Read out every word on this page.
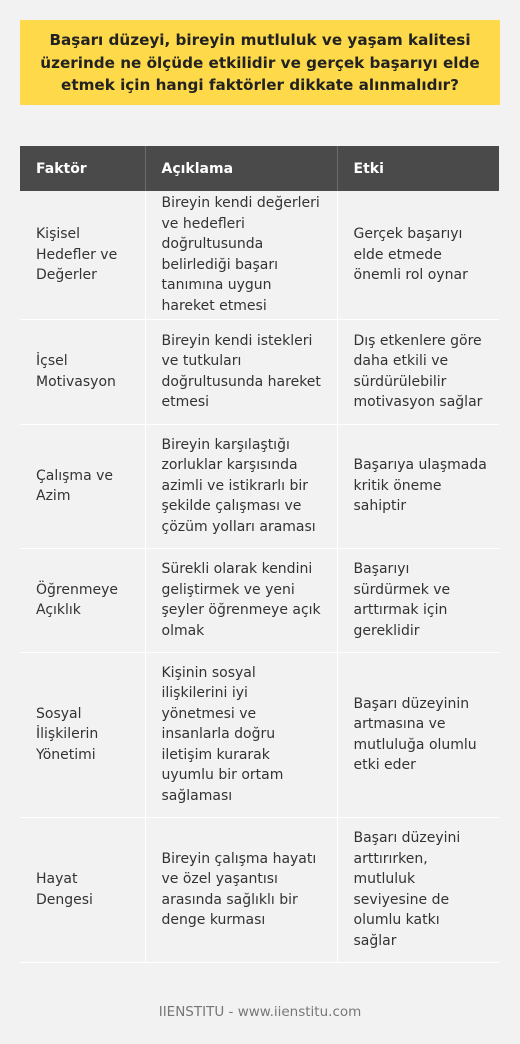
Başarı düzeyi, bireyin mutluluk ve yaşam kalitesi üzerinde ne ölçüde etkilidir ve gerçek başarıyı elde etmek için hangi faktörler dikkate alınmalıdır?
Faktör	Açıklama	Etki
Kişisel Hedefler ve Değerler	Bireyin kendi değerleri ve hedefleri doğrultusunda belirlediği başarı tanımına uygun hareket etmesi	Gerçek başarıyı elde etmede önemli rol oynar
İçsel Motivasyon	Bireyin kendi istekleri ve tutkuları doğrultusunda hareket etmesi	Dış etkenlere göre daha etkili ve sürdürülebilir motivasyon sağlar
Çalışma ve Azim	Bireyin karşılaştığı zorluklar karşısında azimli ve istikrarlı bir şekilde çalışması ve çözüm yolları araması	Başarıya ulaşmada kritik öneme sahiptir
Öğrenmeye Açıklık	Sürekli olarak kendini geliştirmek ve yeni şeyler öğrenmeye açık olmak	Başarıyı sürdürmek ve arttırmak için gereklidir
Sosyal İlişkilerin Yönetimi	Kişinin sosyal ilişkilerini iyi yönetmesi ve insanlarla doğru iletişim kurarak uyumlu bir ortam sağlaması	Başarı düzeyinin artmasına ve mutluluğa olumlu etki eder
Hayat Dengesi	Bireyin çalışma hayatı ve özel yaşantısı arasında sağlıklı bir denge kurması	Başarı düzeyini arttırırken, mutluluk seviyesine de olumlu katkı sağlar
IIENSTITU - www.iienstitu.com
